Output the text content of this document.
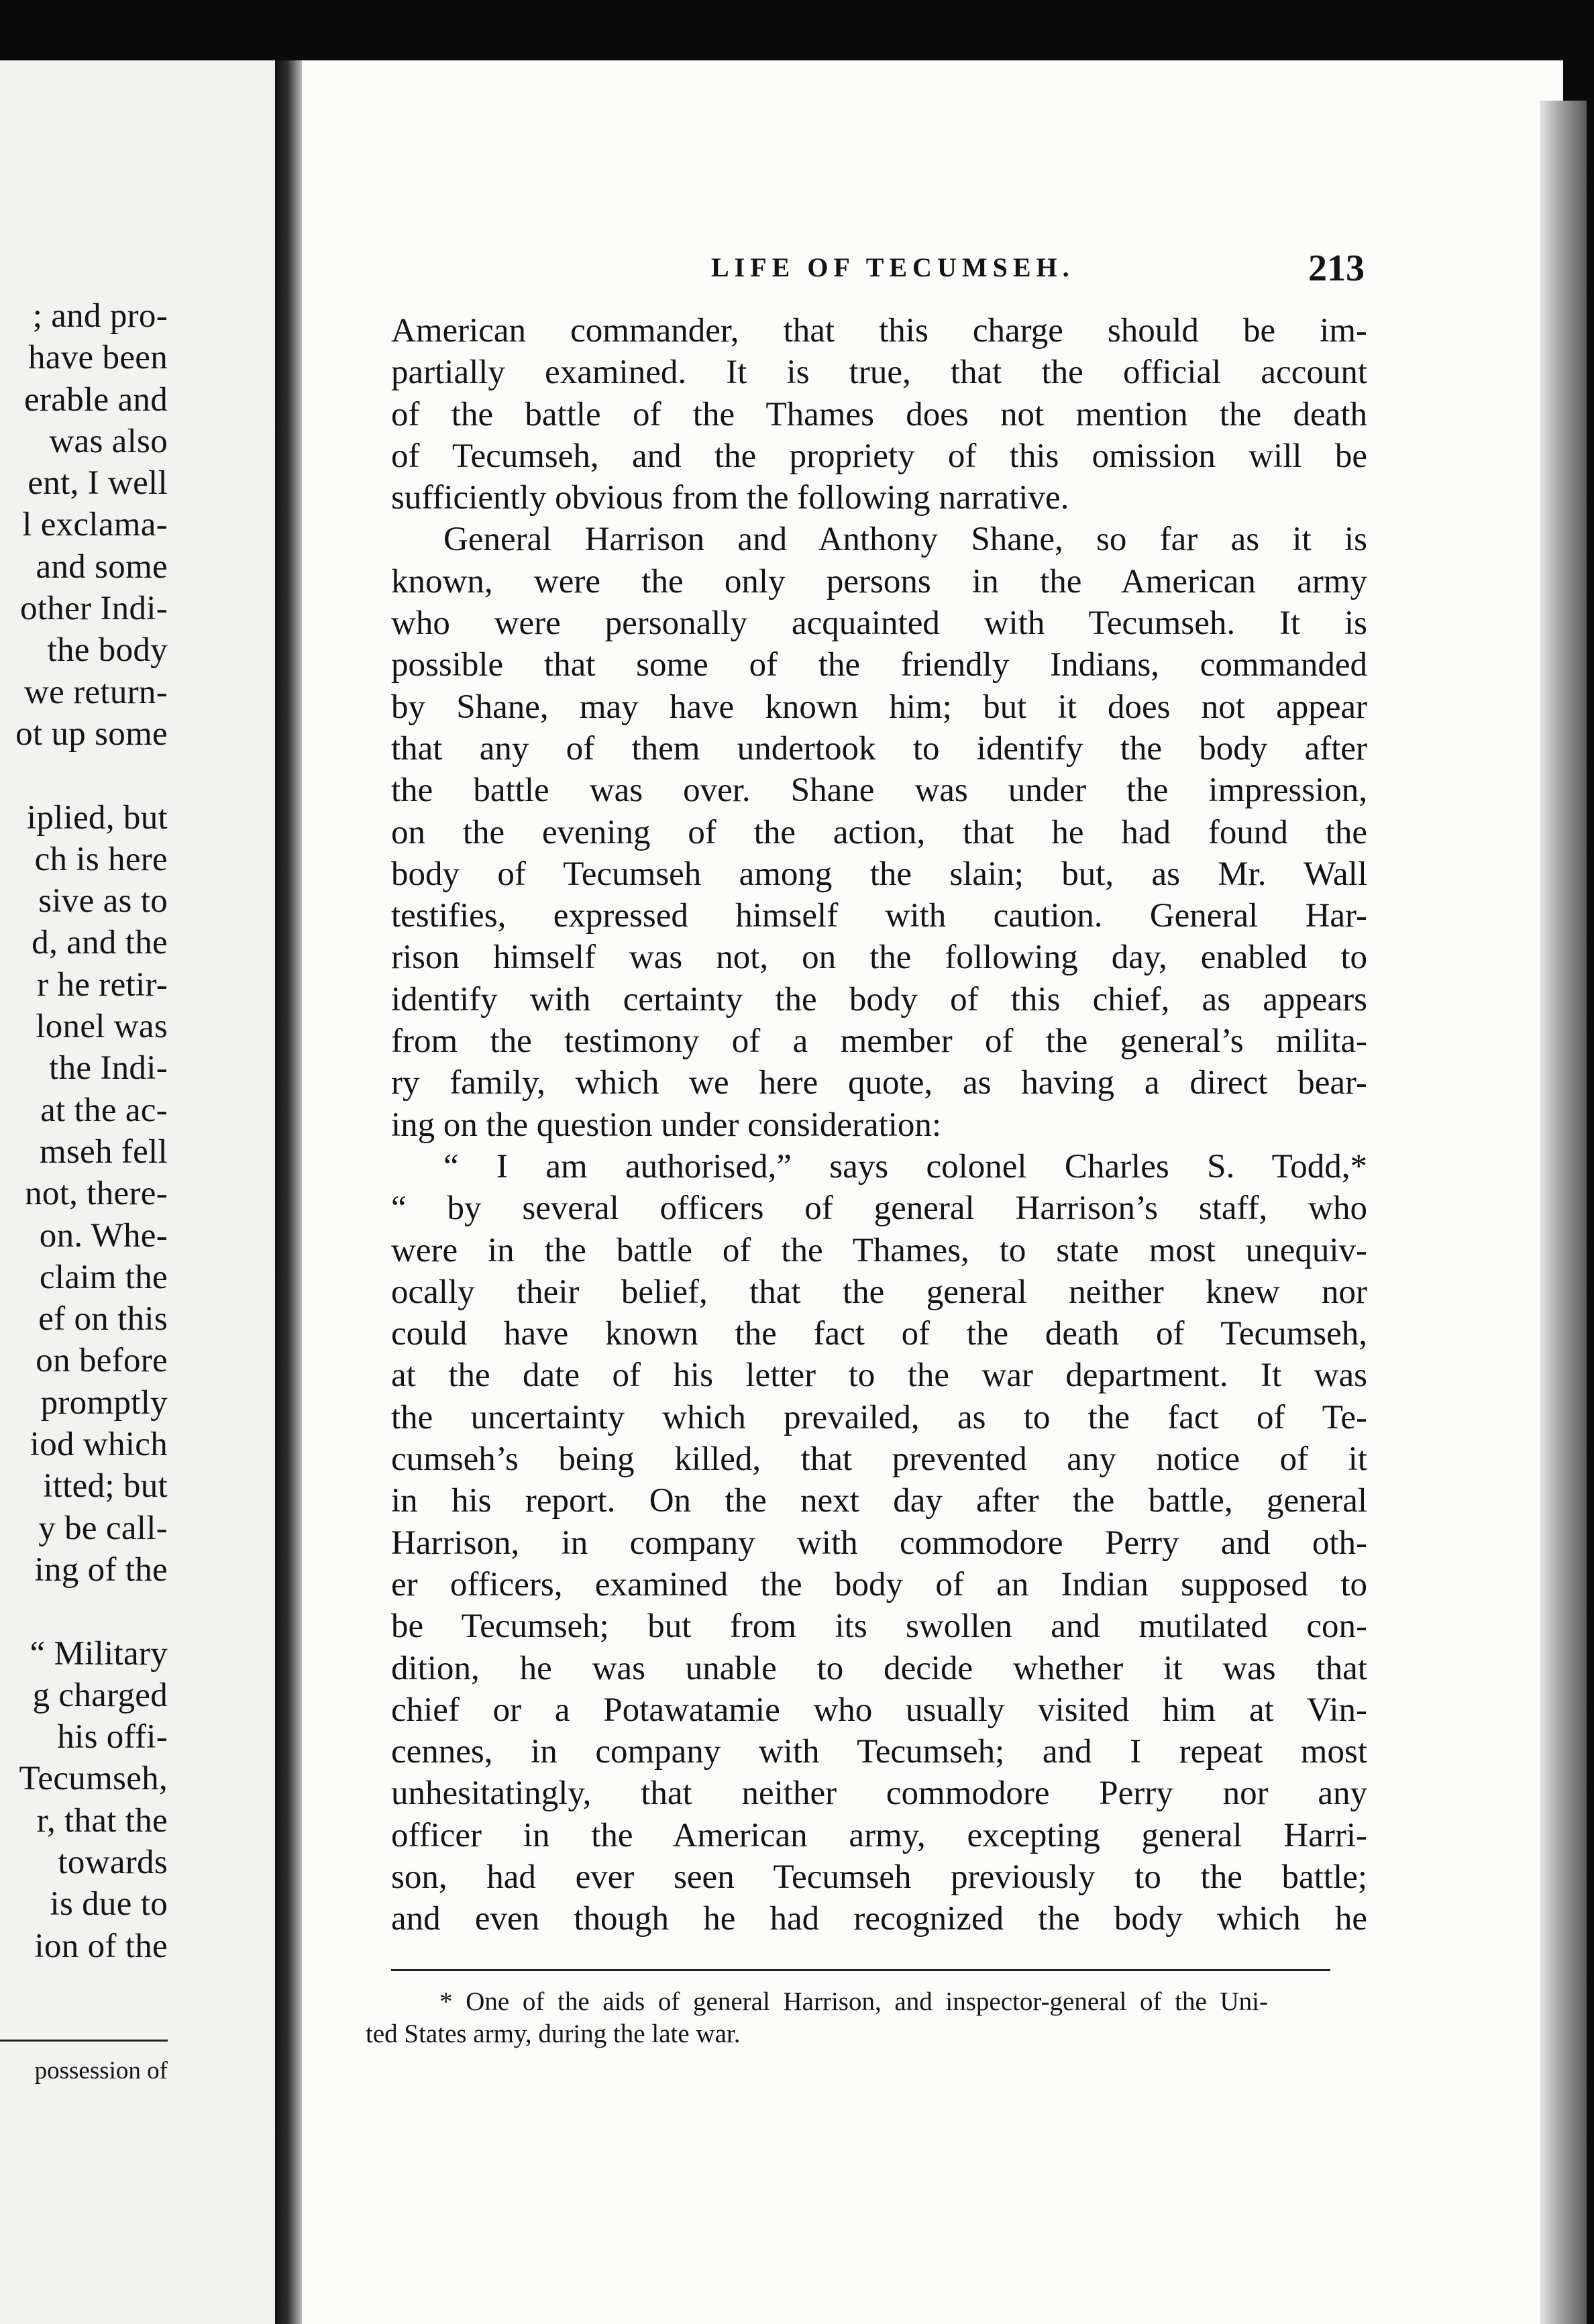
; and pro-
have been
erable and
was also
ent, I well
l exclama-
and some
other Indi-
the body
we return-
ot up some
iplied, but
ch is here
sive as to
d, and the
r he retir-
lonel was
the Indi-
at the ac-
mseh fell
not, there-
on. Whe-
claim the
ef on this
on before
promptly
iod which
itted; but
y be call-
ing of the
“ Military
g charged
his offi-
Tecumseh,
r, that the
towards
is due to
ion of the
possession of
LIFE OF TECUMSEH.	213
American commander, that this charge should be im-
partially examined. It is true, that the official account
of the battle of the Thames does not mention the death
of Tecumseh, and the propriety of this omission will be
sufficiently obvious from the following narrative.
General Harrison and Anthony Shane, so far as it is
known, were the only persons in the American army
who were personally acquainted with Tecumseh. It is
possible that some of the friendly Indians, commanded
by Shane, may have known him; but it does not appear
that any of them undertook to identify the body after
the battle was over. Shane was under the impression,
on the evening of the action, that he had found the
body of Tecumseh among the slain; but, as Mr. Wall
testifies, expressed himself with caution. General Har-
rison himself was not, on the following day, enabled to
identify with certainty the body of this chief, as appears
from the testimony of a member of the general’s milita-
ry family, which we here quote, as having a direct bear-
ing on the question under consideration:
“ I am authorised,” says colonel Charles S. Todd,*
“ by several officers of general Harrison’s staff, who
were in the battle of the Thames, to state most unequiv-
ocally their belief, that the general neither knew nor
could have known the fact of the death of Tecumseh,
at the date of his letter to the war department. It was
the uncertainty which prevailed, as to the fact of Te-
cumseh’s being killed, that prevented any notice of it
in his report. On the next day after the battle, general
Harrison, in company with commodore Perry and oth-
er officers, examined the body of an Indian supposed to
be Tecumseh; but from its swollen and mutilated con-
dition, he was unable to decide whether it was that
chief or a Potawatamie who usually visited him at Vin-
cennes, in company with Tecumseh; and I repeat most
unhesitatingly, that neither commodore Perry nor any
officer in the American army, excepting general Harri-
son, had ever seen Tecumseh previously to the battle;
and even though he had recognized the body which he
* One of the aids of general Harrison, and inspector-general of the Uni-
ted States army, during the late war.
